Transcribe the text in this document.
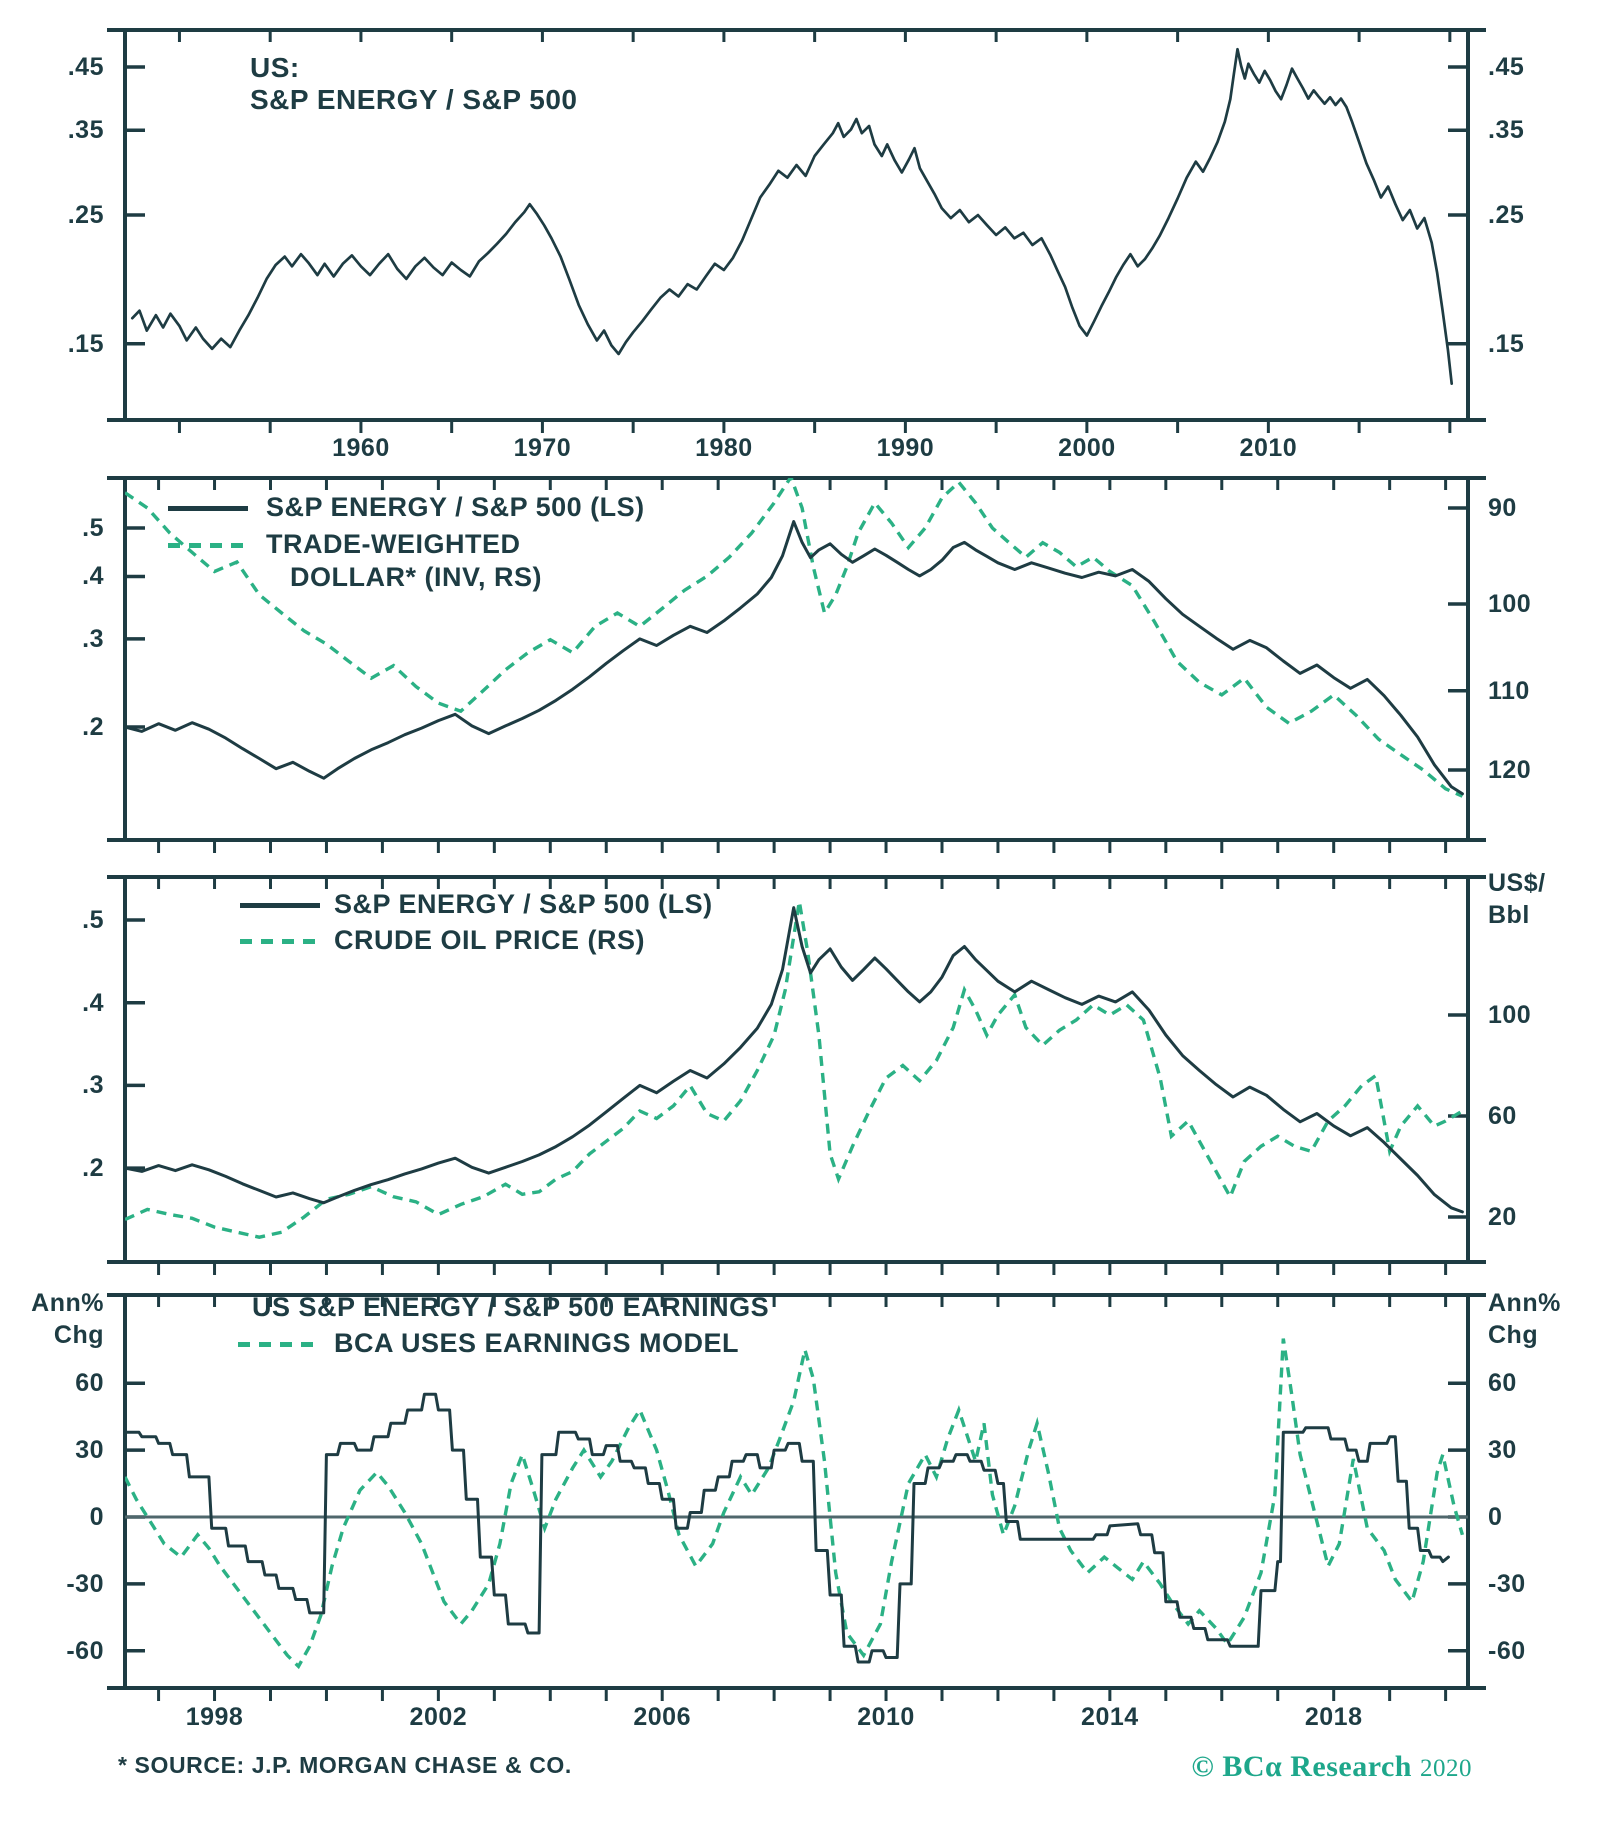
US:
S&P ENERGY / S&P 500
S&P ENERGY / S&P 500 (LS)
TRADE-WEIGHTED
DOLLAR* (INV, RS)
S&P ENERGY / S&P 500 (LS)
CRUDE OIL PRICE (RS)
US S&P ENERGY / S&P 500 EARNINGS
BCA USES EARNINGS MODEL
US$/
Bbl
Ann%
Chg
Ann%
Chg
* SOURCE: J.P. MORGAN CHASE & CO.	© BCα Research 2020
.45
.35
.25
.15
.45
.35
.25
.15
1960	1970	1980	1990	2000	2010
.5
.4
.3
.2
90
100
110
120
.5
.4
.3
.2
100
60
20
60
30
0
-30
-60
60
30
0
-30
-60
1998	2002	2006	2010	2014	2018
